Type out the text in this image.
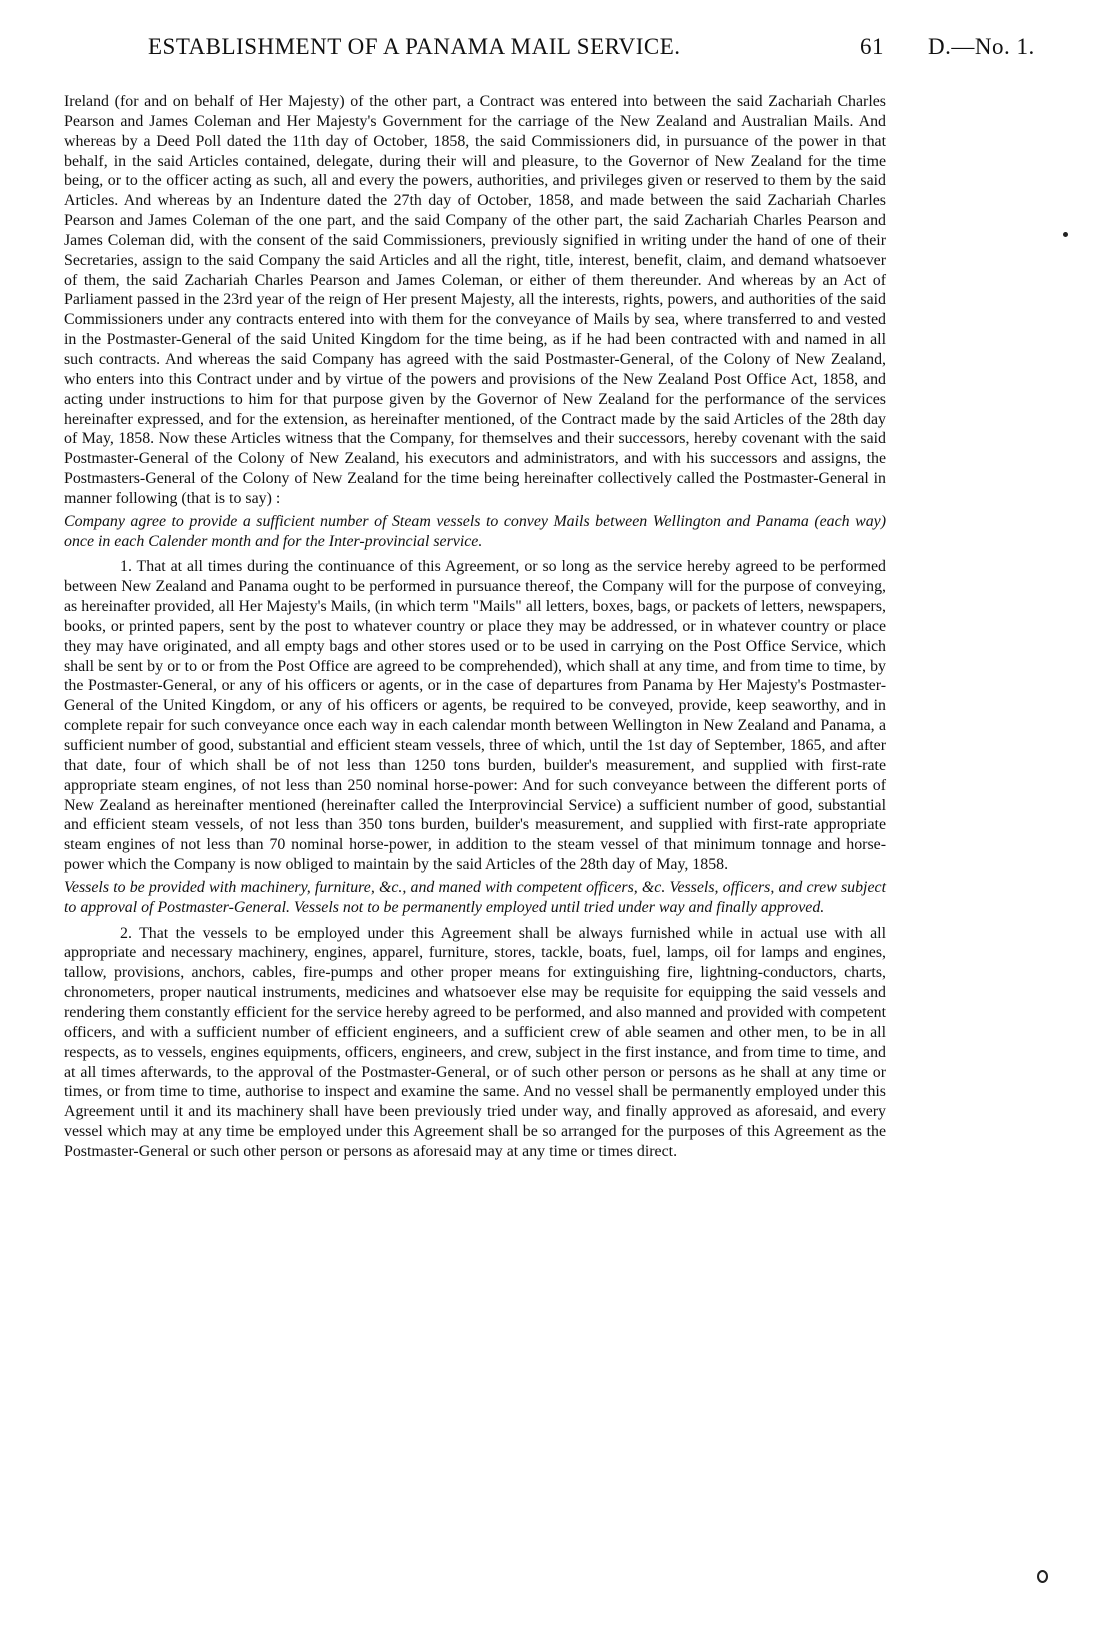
ESTABLISHMENT OF A PANAMA MAIL SERVICE.	61 D.—No. 1.

Ireland (for and on behalf of Her Majesty) of the other part, a Contract was entered into between the said Zachariah Charles Pearson and James Coleman and Her Majesty's Government for the carriage of the New Zealand and Australian Mails. And whereas by a Deed Poll dated the 11th day of October, 1858, the said Commissioners did, in pursuance of the power in that behalf, in the said Articles contained, delegate, during their will and pleasure, to the Governor of New Zealand for the time being, or to the officer acting as such, all and every the powers, authorities, and privileges given or reserved to them by the said Articles. And whereas by an Indenture dated the 27th day of October, 1858, and made between the said Zachariah Charles Pearson and James Coleman of the one part, and the said Company of the other part, the said Zachariah Charles Pearson and James Coleman did, with the consent of the said Commissioners, previously signified in writing under the hand of one of their Secretaries, assign to the said Company the said Articles and all the right, title, interest, benefit, claim, and demand whatsoever of them, the said Zachariah Charles Pearson and James Coleman, or either of them thereunder. And whereas by an Act of Parliament passed in the 23rd year of the reign of Her present Majesty, all the interests, rights, powers, and authorities of the said Commissioners under any contracts entered into with them for the conveyance of Mails by sea, where transferred to and vested in the Postmaster-General of the said United Kingdom for the time being, as if he had been contracted with and named in all such contracts. And whereas the said Company has agreed with the said Postmaster-General, of the Colony of New Zealand, who enters into this Contract under and by virtue of the powers and provisions of the New Zealand Post Office Act, 1858, and acting under instructions to him for that purpose given by the Governor of New Zealand for the performance of the services hereinafter expressed, and for the extension, as hereinafter mentioned, of the Contract made by the said Articles of the 28th day of May, 1858. Now these Articles witness that the Company, for themselves and their successors, hereby covenant with the said Postmaster-General of the Colony of New Zealand, his executors and administrators, and with his successors and assigns, the Postmasters-General of the Colony of New Zealand for the time being hereinafter collectively called the Postmaster-General in manner following (that is to say) :

Company agree to provide a sufficient number of Steam vessels to convey Mails between Wellington and Panama (each way) once in each Calender month and for the Inter-provincial service.

1. That at all times during the continuance of this Agreement, or so long as the service hereby agreed to be performed between New Zealand and Panama ought to be performed in pursuance thereof, the Company will for the purpose of conveying, as hereinafter provided, all Her Majesty's Mails, (in which term "Mails" all letters, boxes, bags, or packets of letters, newspapers, books, or printed papers, sent by the post to whatever country or place they may be addressed, or in whatever country or place they may have originated, and all empty bags and other stores used or to be used in carrying on the Post Office Service, which shall be sent by or to or from the Post Office are agreed to be comprehended), which shall at any time, and from time to time, by the Postmaster-General, or any of his officers or agents, or in the case of departures from Panama by Her Majesty's Postmaster-General of the United Kingdom, or any of his officers or agents, be required to be conveyed, provide, keep seaworthy, and in complete repair for such conveyance once each way in each calendar month between Wellington in New Zealand and Panama, a sufficient number of good, substantial and efficient steam vessels, three of which, until the 1st day of September, 1865, and after that date, four of which shall be of not less than 1250 tons burden, builder's measurement, and supplied with first-rate appropriate steam engines, of not less than 250 nominal horse-power: And for such conveyance between the different ports of New Zealand as hereinafter mentioned (hereinafter called the Interprovincial Service) a sufficient number of good, substantial and efficient steam vessels, of not less than 350 tons burden, builder's measurement, and supplied with first-rate appropriate steam engines of not less than 70 nominal horse-power, in addition to the steam vessel of that minimum tonnage and horse-power which the Company is now obliged to maintain by the said Articles of the 28th day of May, 1858.

Vessels to be provided with machinery, furniture, &c., and maned with competent officers, &c. Vessels, officers, and crew subject to approval of Postmaster-General. Vessels not to be permanently employed until tried under way and finally approved.

2. That the vessels to be employed under this Agreement shall be always furnished while in actual use with all appropriate and necessary machinery, engines, apparel, furniture, stores, tackle, boats, fuel, lamps, oil for lamps and engines, tallow, provisions, anchors, cables, fire-pumps and other proper means for extinguishing fire, lightning-conductors, charts, chronometers, proper nautical instruments, medicines and whatsoever else may be requisite for equipping the said vessels and rendering them constantly efficient for the service hereby agreed to be performed, and also manned and provided with competent officers, and with a sufficient number of efficient engineers, and a sufficient crew of able seamen and other men, to be in all respects, as to vessels, engines equipments, officers, engineers, and crew, subject in the first instance, and from time to time, and at all times afterwards, to the approval of the Postmaster-General, or of such other person or persons as he shall at any time or times, or from time to time, authorise to inspect and examine the same. And no vessel shall be permanently employed under this Agreement until it and its machinery shall have been previously tried under way, and finally approved as aforesaid, and every vessel which may at any time be employed under this Agreement shall be so arranged for the purposes of this Agreement as the Postmaster-General or such other person or persons as aforesaid may at any time or times direct.
